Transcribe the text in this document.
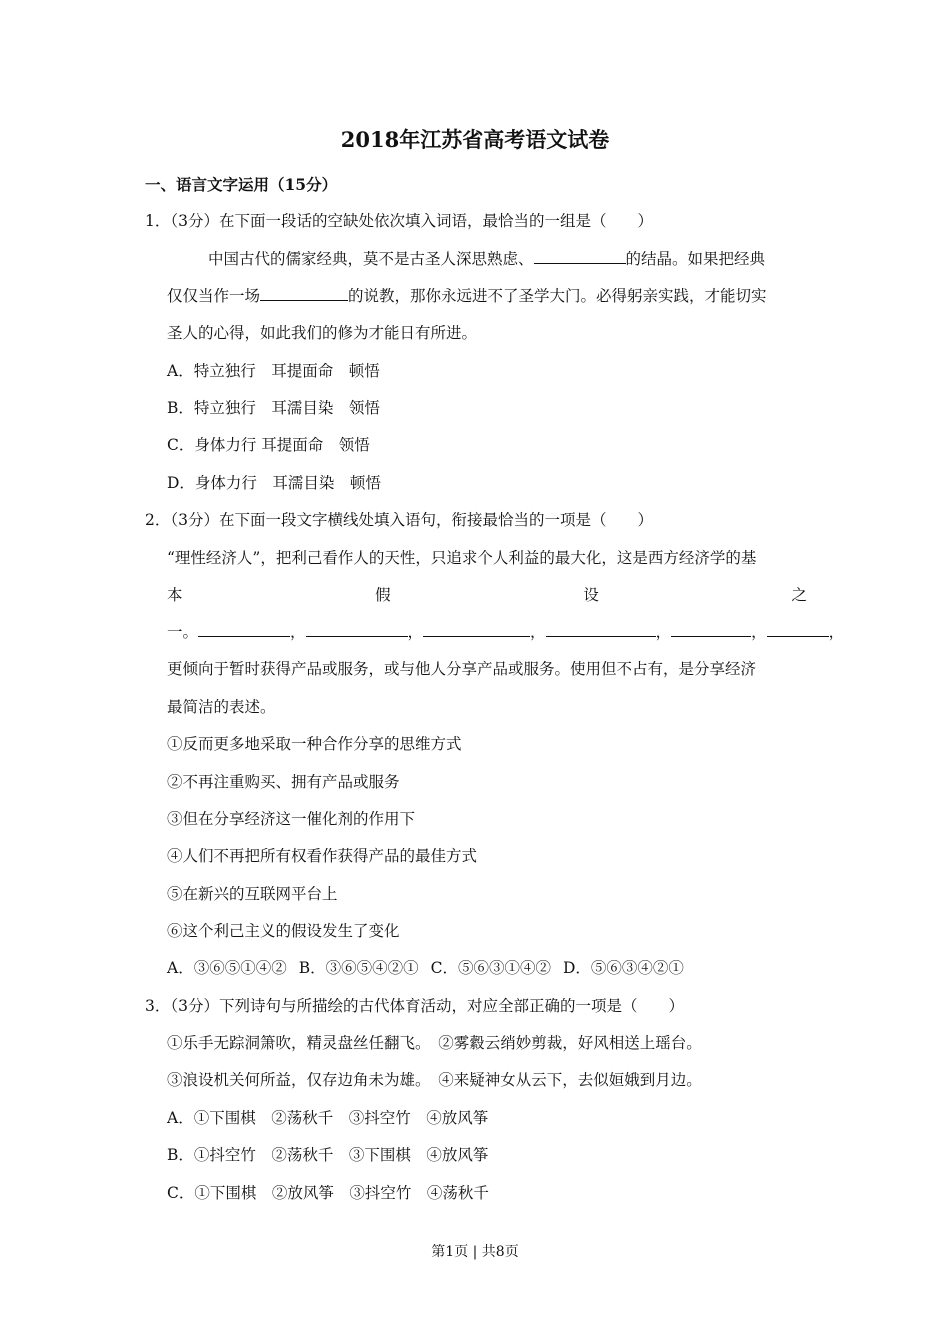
2018年江苏省高考语文试卷
一、语言文字运用（15分）
1．（3分）在下面一段话的空缺处依次填入词语，最恰当的一组是（　　）
中国古代的儒家经典，莫不是古圣人深思熟虑、	的结晶。如果把经典
仅仅当作一场	的说教，那你永远进不了圣学大门。必得躬亲实践，才能切实
圣人的心得，如此我们的修为才能日有所进。
A．特立独行　耳提面命　顿悟
B．特立独行　耳濡目染　领悟
C．身体力行 耳提面命　领悟
D．身体力行　耳濡目染　顿悟
2．（3分）在下面一段文字横线处填入语句，衔接最恰当的一项是（　　）
“理性经济人”，把利己看作人的天性，只追求个人利益的最大化，这是西方经济学的基
本	假	设	之
一。	，	，	，	，	，	，
更倾向于暂时获得产品或服务，或与他人分享产品或服务。使用但不占有，是分享经济
最简洁的表述。
①反而更多地采取一种合作分享的思维方式
②不再注重购买、拥有产品或服务
③但在分享经济这一催化剂的作用下
④人们不再把所有权看作获得产品的最佳方式
⑤在新兴的互联网平台上
⑥这个利己主义的假设发生了变化
A．③⑥⑤①④② B．③⑥⑤④②① C．⑤⑥③①④② D．⑤⑥③④②①
3．（3分）下列诗句与所描绘的古代体育活动，对应全部正确的一项是（　　）
①乐手无踪洞箫吹，精灵盘丝任翻飞。　②雾縠云绡妙剪裁，好风相送上瑶台。
③浪设机关何所益，仅存边角未为雄。　④来疑神女从云下，去似姮娥到月边。
A．①下围棋　②荡秋千　③抖空竹　④放风筝
B．①抖空竹　②荡秋千　③下围棋　④放风筝
C．①下围棋　②放风筝　③抖空竹　④荡秋千
第1页 | 共8页
